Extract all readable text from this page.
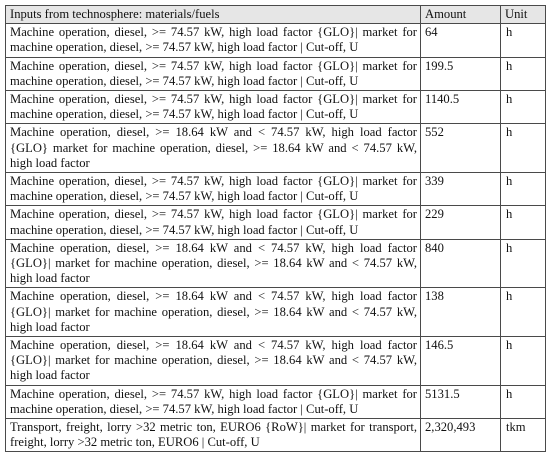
Inputs from technosphere: materials/fuels	Amount	Unit
Machine operation, diesel, >= 74.57 kW, high load factor {GLO}| market for machine operation, diesel, >= 74.57 kW, high load factor | Cut-off, U	64	h
Machine operation, diesel, >= 74.57 kW, high load factor {GLO}| market for machine operation, diesel, >= 74.57 kW, high load factor | Cut-off, U	199.5	h
Machine operation, diesel, >= 74.57 kW, high load factor {GLO}| market for machine operation, diesel, >= 74.57 kW, high load factor | Cut-off, U	1140.5	h
Machine operation, diesel, >= 18.64 kW and < 74.57 kW, high load factor {GLO} market for machine operation, diesel, >= 18.64 kW and < 74.57 kW, high load factor	552	h
Machine operation, diesel, >= 74.57 kW, high load factor {GLO}| market for machine operation, diesel, >= 74.57 kW, high load factor | Cut-off, U	339	h
Machine operation, diesel, >= 74.57 kW, high load factor {GLO}| market for machine operation, diesel, >= 74.57 kW, high load factor | Cut-off, U	229	h
Machine operation, diesel, >= 18.64 kW and < 74.57 kW, high load factor {GLO}| market for machine operation, diesel, >= 18.64 kW and < 74.57 kW, high load factor	840	h
Machine operation, diesel, >= 18.64 kW and < 74.57 kW, high load factor {GLO}| market for machine operation, diesel, >= 18.64 kW and < 74.57 kW, high load factor	138	h
Machine operation, diesel, >= 18.64 kW and < 74.57 kW, high load factor {GLO}| market for machine operation, diesel, >= 18.64 kW and < 74.57 kW, high load factor	146.5	h
Machine operation, diesel, >= 74.57 kW, high load factor {GLO}| market for machine operation, diesel, >= 74.57 kW, high load factor | Cut-off, U	5131.5	h
Transport, freight, lorry >32 metric ton, EURO6 {RoW}| market for transport, freight, lorry >32 metric ton, EURO6 | Cut-off, U	2,320,493	tkm
